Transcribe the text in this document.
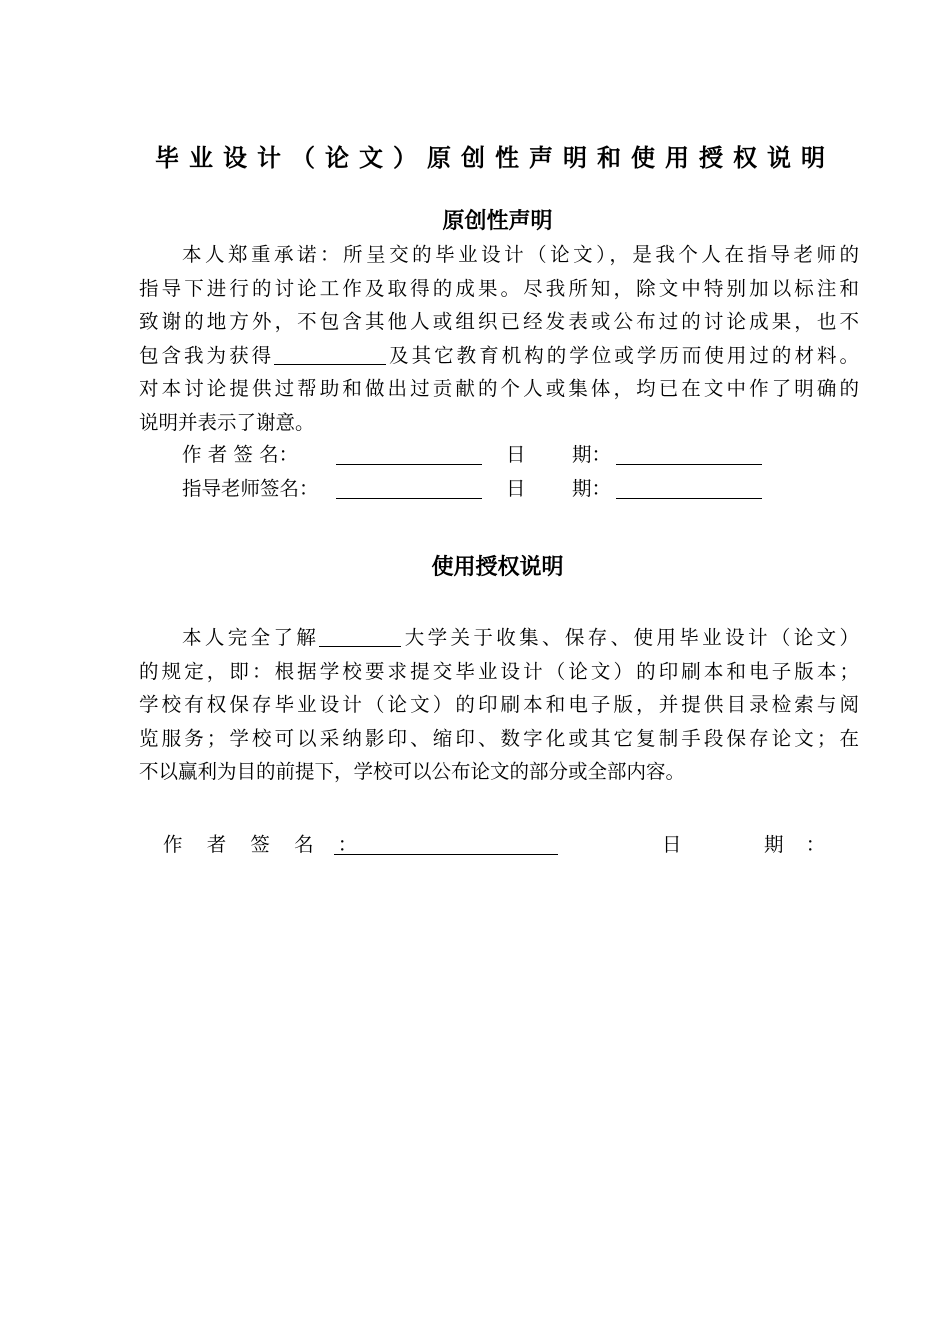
毕业设计（论文）原创性声明和使用授权说明
原创性声明
本人郑重承诺：所呈交的毕业设计（论文），是我个人在指导老师的
指导下进行的讨论工作及取得的成果。尽我所知，除文中特别加以标注和
致谢的地方外，不包含其他人或组织已经发表或公布过的讨论成果，也不
包含我为获得	及其它教育机构的学位或学历而使用过的材料。
对本讨论提供过帮助和做出过贡献的个人或集体，均已在文中作了明确的
说明并表示了谢意。
作 者 签 名：	日 期：
指导老师签名：	日 期：
使用授权说明
本人完全了解	大学关于收集、保存、使用毕业设计（论文）
的规定，即：根据学校要求提交毕业设计（论文）的印刷本和电子版本；
学校有权保存毕业设计（论文）的印刷本和电子版，并提供目录检索与阅
览服务；学校可以采纳影印、缩印、数字化或其它复制手段保存论文；在
不以赢利为目的前提下，学校可以公布论文的部分或全部内容。
作 者 签 名 ：	日	期 ：
